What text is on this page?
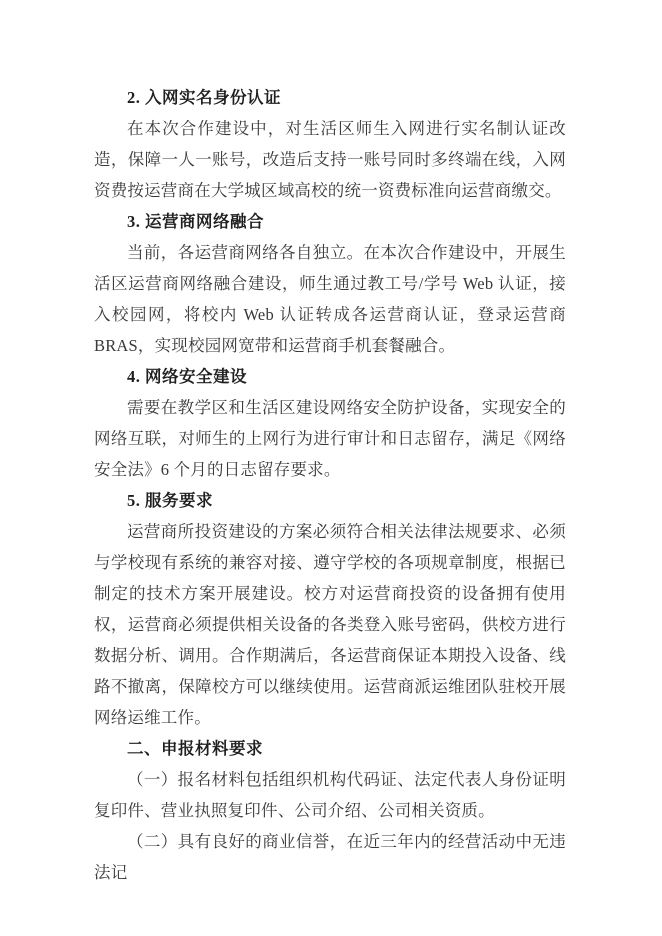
2. 入网实名身份认证

在本次合作建设中，对生活区师生入网进行实名制认证改造，保障一人一账号，改造后支持一账号同时多终端在线，入网资费按运营商在大学城区域高校的统一资费标准向运营商缴交。

3. 运营商网络融合

当前，各运营商网络各自独立。在本次合作建设中，开展生活区运营商网络融合建设，师生通过教工号/学号 Web 认证，接入校园网，将校内 Web 认证转成各运营商认证，登录运营商 BRAS，实现校园网宽带和运营商手机套餐融合。

4. 网络安全建设

需要在教学区和生活区建设网络安全防护设备，实现安全的网络互联，对师生的上网行为进行审计和日志留存，满足《网络安全法》6 个月的日志留存要求。

5. 服务要求

运营商所投资建设的方案必须符合相关法律法规要求、必须与学校现有系统的兼容对接、遵守学校的各项规章制度，根据已制定的技术方案开展建设。校方对运营商投资的设备拥有使用权，运营商必须提供相关设备的各类登入账号密码，供校方进行数据分析、调用。合作期满后，各运营商保证本期投入设备、线路不撤离，保障校方可以继续使用。运营商派运维团队驻校开展网络运维工作。

二、申报材料要求

（一）报名材料包括组织机构代码证、法定代表人身份证明复印件、营业执照复印件、公司介绍、公司相关资质。

（二）具有良好的商业信誉，在近三年内的经营活动中无违法记
